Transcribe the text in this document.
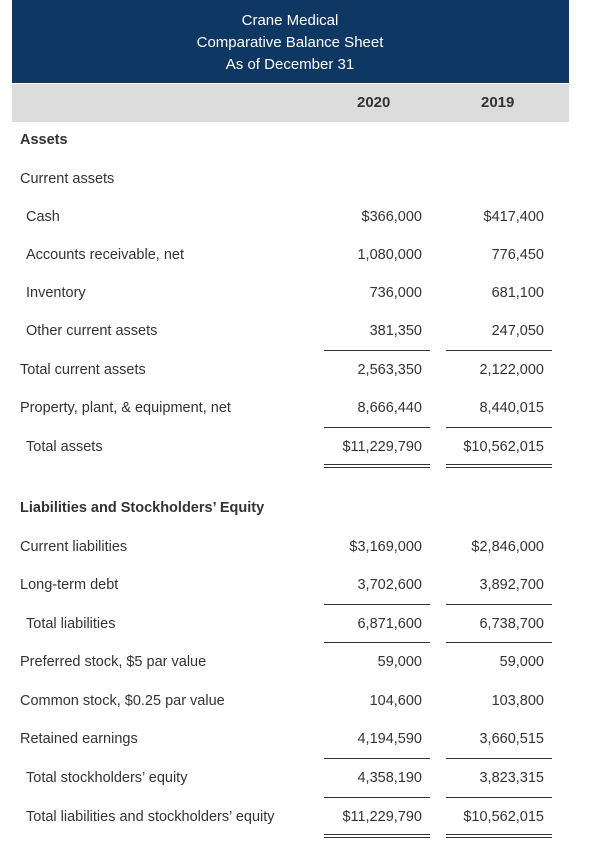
Crane Medical
Comparative Balance Sheet
As of December 31
2020	2019
Assets
Current assets
Cash	$366,000	$417,400
Accounts receivable, net	1,080,000	776,450
Inventory	736,000	681,100
Other current assets	381,350	247,050
Total current assets	2,563,350	2,122,000
Property, plant, & equipment, net	8,666,440	8,440,015
Total assets	$11,229,790	$10,562,015
Liabilities and Stockholders’ Equity
Current liabilities	$3,169,000	$2,846,000
Long-term debt	3,702,600	3,892,700
Total liabilities	6,871,600	6,738,700
Preferred stock, $5 par value	59,000	59,000
Common stock, $0.25 par value	104,600	103,800
Retained earnings	4,194,590	3,660,515
Total stockholders’ equity	4,358,190	3,823,315
Total liabilities and stockholders’ equity	$11,229,790	$10,562,015
